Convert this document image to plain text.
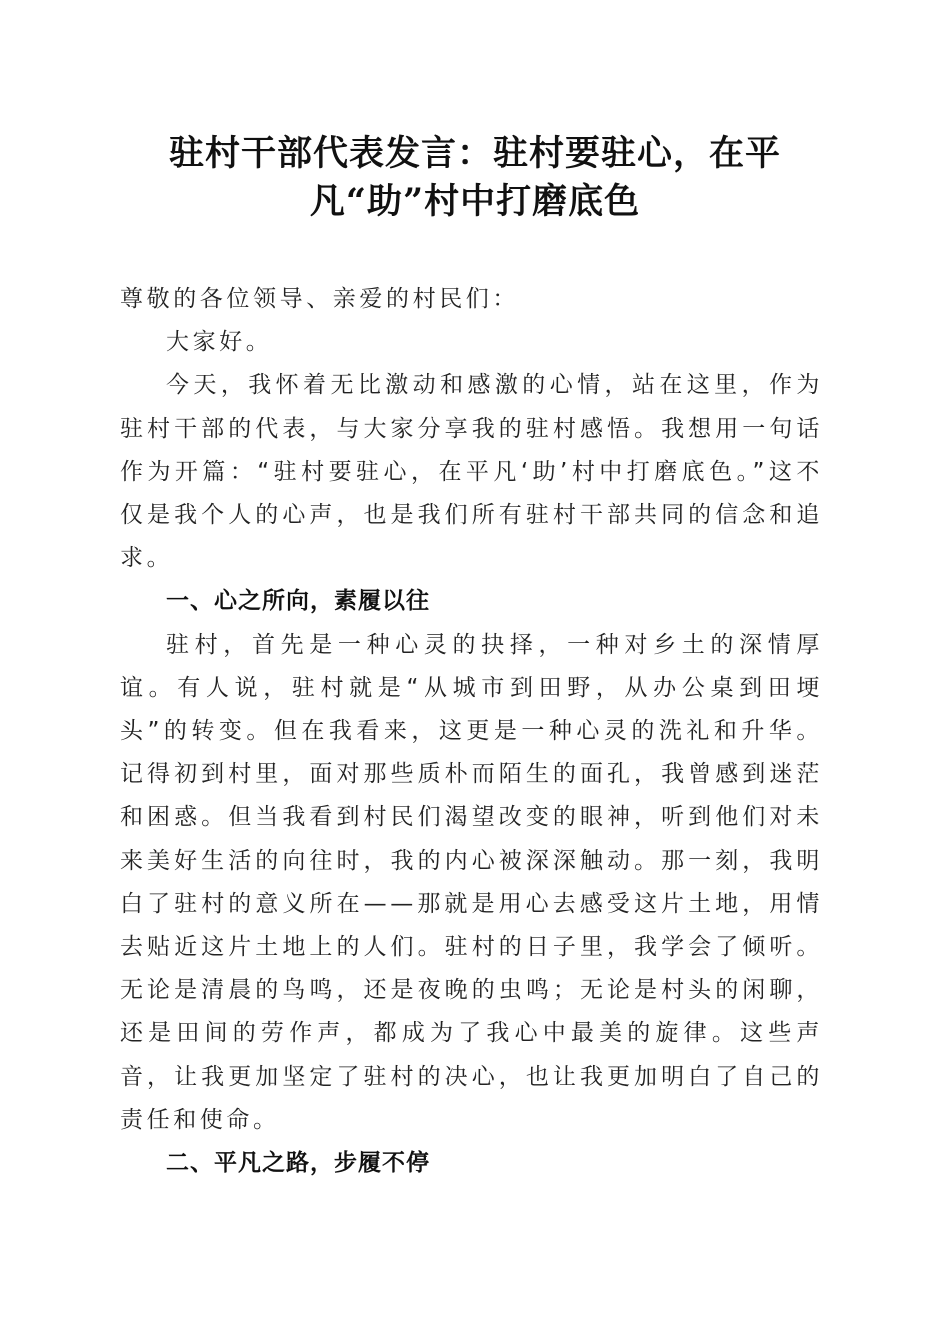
驻村干部代表发言：驻村要驻心，在平
凡“助”村中打磨底色

尊敬的各位领导、亲爱的村民们：

大家好。

今天，我怀着无比激动和感激的心情，站在这里，作为驻村干部的代表，与大家分享我的驻村感悟。我想用一句话作为开篇：“驻村要驻心，在平凡‘助’村中打磨底色。”这不仅是我个人的心声，也是我们所有驻村干部共同的信念和追求。

一、心之所向，素履以往

驻村，首先是一种心灵的抉择，一种对乡土的深情厚谊。有人说，驻村就是“从城市到田野，从办公桌到田埂头”的转变。但在我看来，这更是一种心灵的洗礼和升华。记得初到村里，面对那些质朴而陌生的面孔，我曾感到迷茫和困惑。但当我看到村民们渴望改变的眼神，听到他们对未来美好生活的向往时，我的内心被深深触动。那一刻，我明白了驻村的意义所在——那就是用心去感受这片土地，用情去贴近这片土地上的人们。驻村的日子里，我学会了倾听。无论是清晨的鸟鸣，还是夜晚的虫鸣；无论是村头的闲聊，还是田间的劳作声，都成为了我心中最美的旋律。这些声音，让我更加坚定了驻村的决心，也让我更加明白了自己的责任和使命。

二、平凡之路，步履不停
